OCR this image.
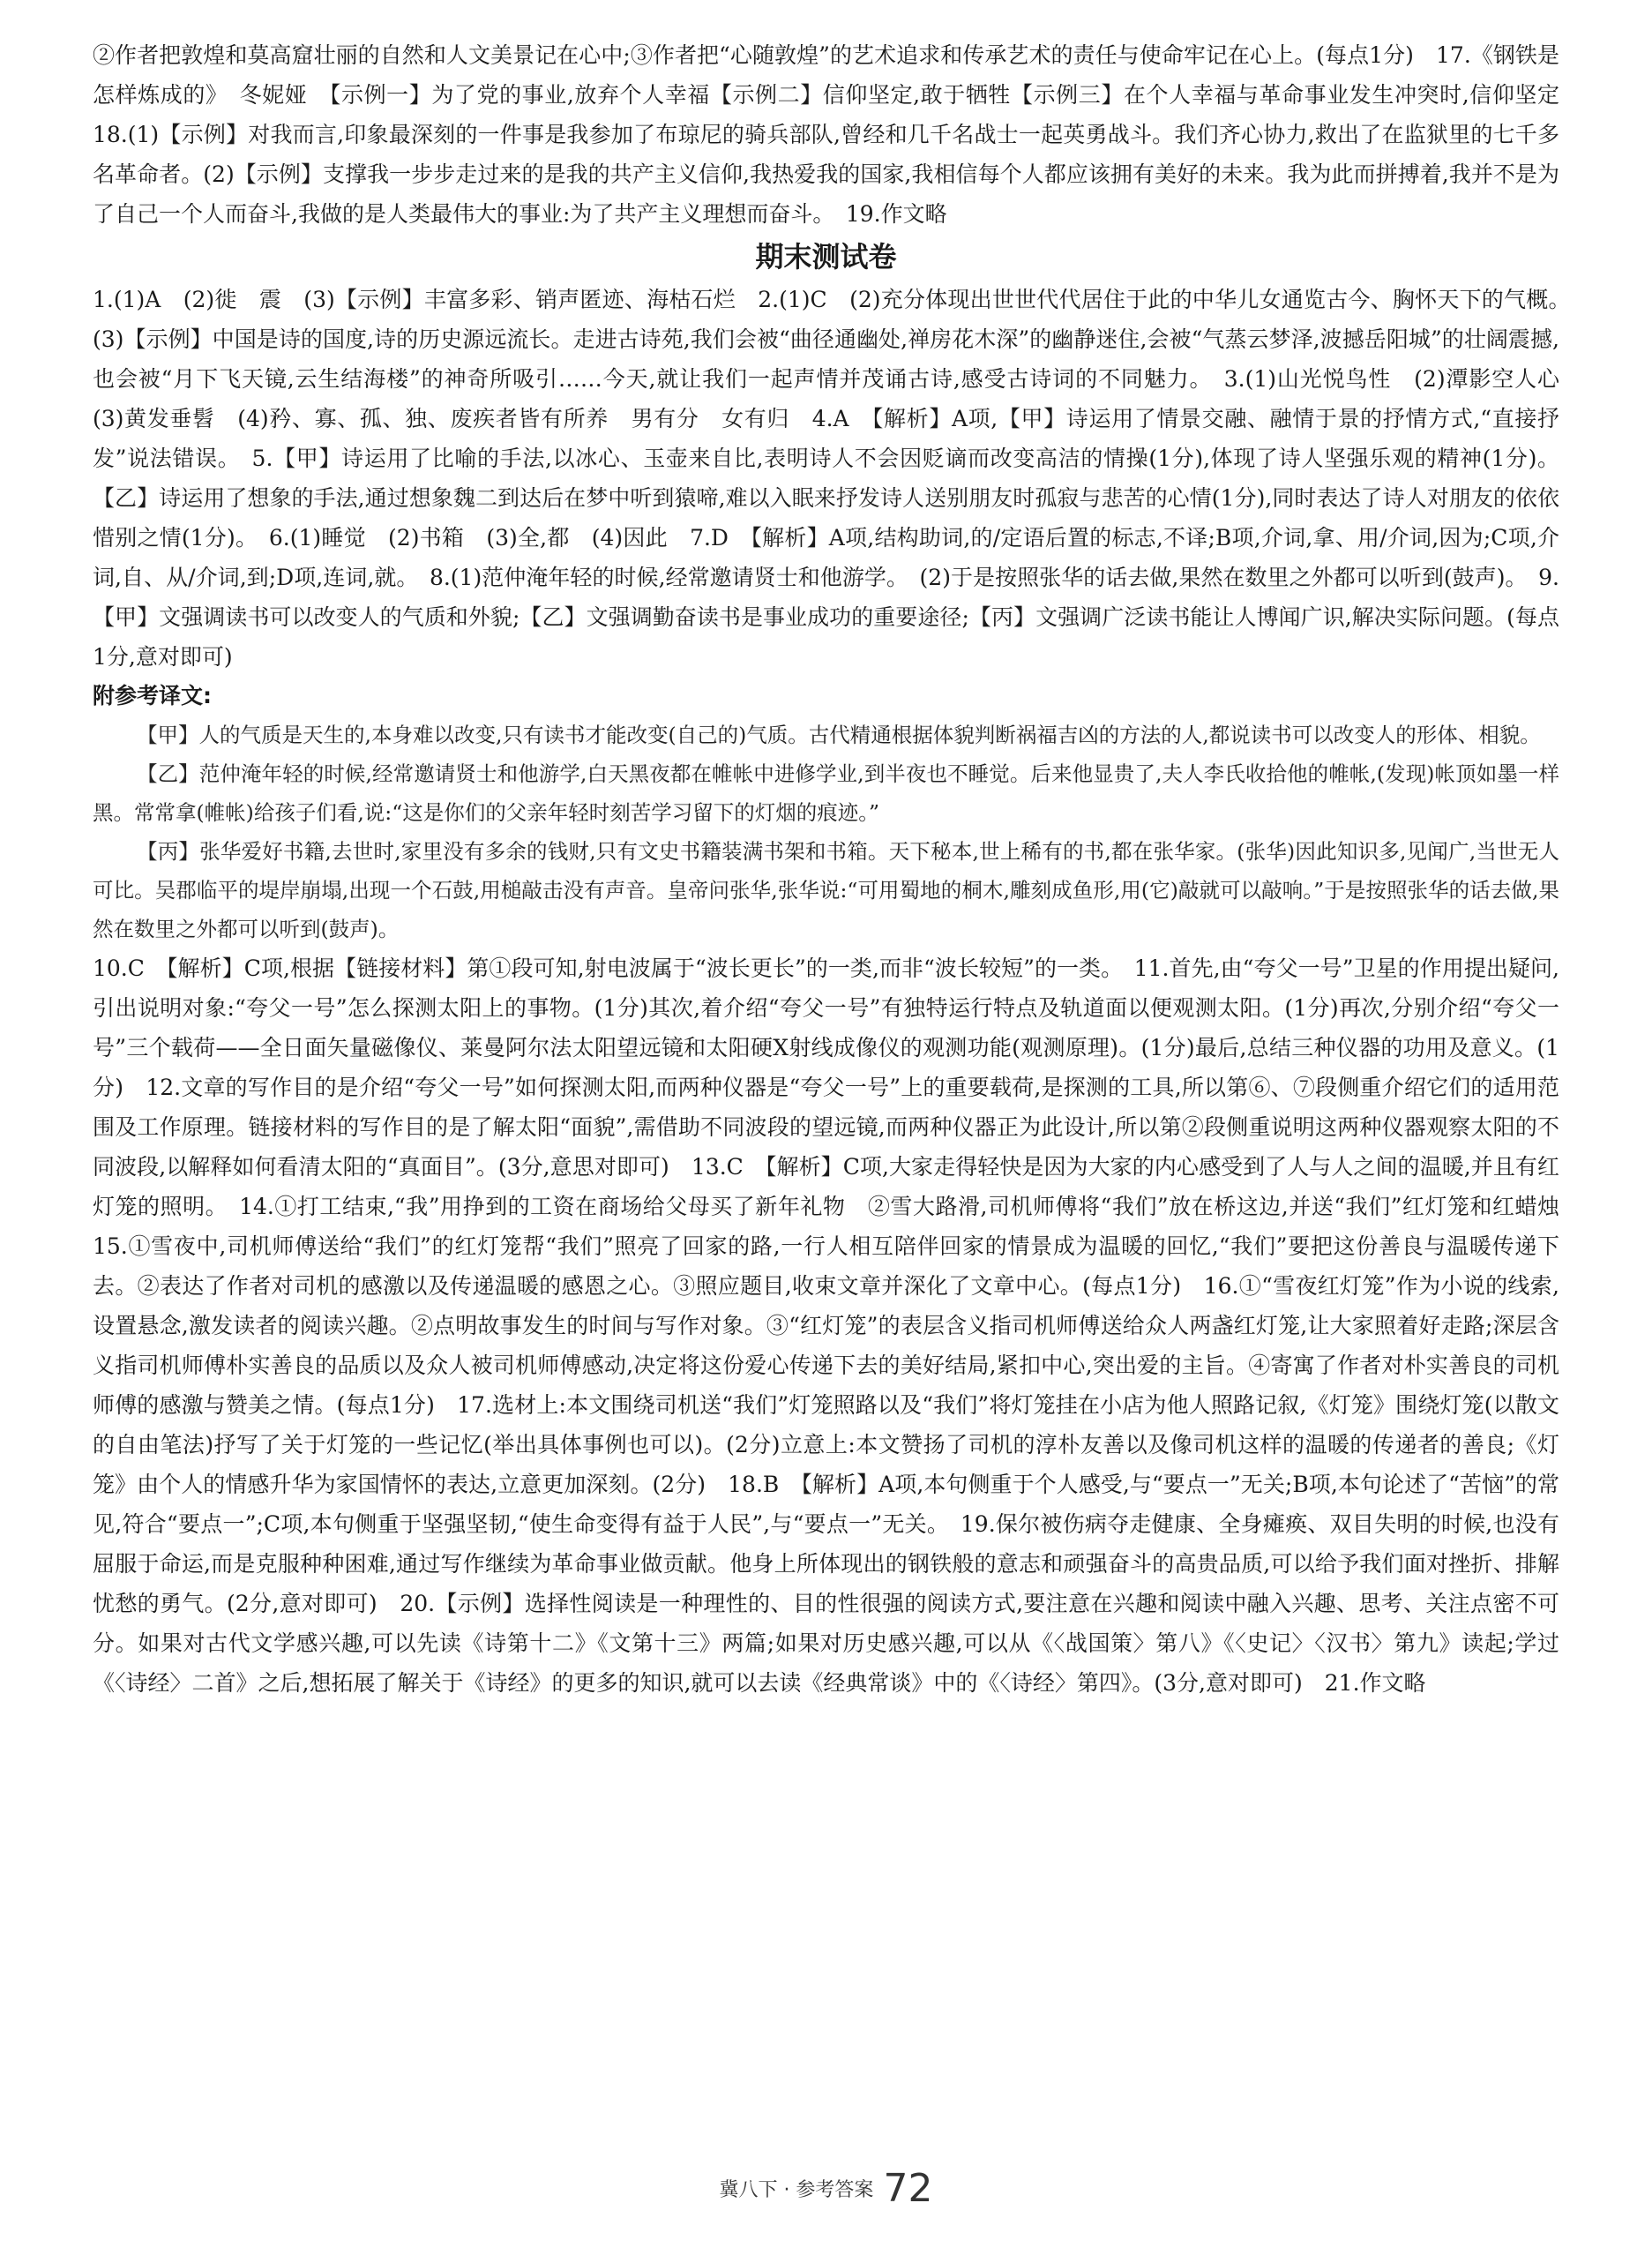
②作者把敦煌和莫高窟壮丽的自然和人文美景记在心中;③作者把“心随敦煌”的艺术追求和传承艺术的责任与使命牢记在心上。(每点1分)　17.《钢铁是怎样炼成的》　冬妮娅　【示例一】为了党的事业,放弃个人幸福【示例二】信仰坚定,敢于牺牲【示例三】在个人幸福与革命事业发生冲突时,信仰坚定　18.(1)【示例】对我而言,印象最深刻的一件事是我参加了布琼尼的骑兵部队,曾经和几千名战士一起英勇战斗。我们齐心协力,救出了在监狱里的七千多名革命者。(2)【示例】支撑我一步步走过来的是我的共产主义信仰,我热爱我的国家,我相信每个人都应该拥有美好的未来。我为此而拼搏着,我并不是为了自己一个人而奋斗,我做的是人类最伟大的事业:为了共产主义理想而奋斗。　19.作文略

期末测试卷

1.(1)A　(2)徙　震　(3)【示例】丰富多彩、销声匿迹、海枯石烂　2.(1)C　(2)充分体现出世世代代居住于此的中华儿女通览古今、胸怀天下的气概。　(3)【示例】中国是诗的国度,诗的历史源远流长。走进古诗苑,我们会被“曲径通幽处,禅房花木深”的幽静迷住,会被“气蒸云梦泽,波撼岳阳城”的壮阔震撼,也会被“月下飞天镜,云生结海楼”的神奇所吸引……今天,就让我们一起声情并茂诵古诗,感受古诗词的不同魅力。　3.(1)山光悦鸟性　(2)潭影空人心　(3)黄发垂髫　(4)矜、寡、孤、独、废疾者皆有所养　男有分　女有归　4.A　【解析】A项,【甲】诗运用了情景交融、融情于景的抒情方式,“直接抒发”说法错误。　5.【甲】诗运用了比喻的手法,以冰心、玉壶来自比,表明诗人不会因贬谪而改变高洁的情操(1分),体现了诗人坚强乐观的精神(1分)。【乙】诗运用了想象的手法,通过想象魏二到达后在梦中听到猿啼,难以入眠来抒发诗人送别朋友时孤寂与悲苦的心情(1分),同时表达了诗人对朋友的依依惜别之情(1分)。　6.(1)睡觉　(2)书箱　(3)全,都　(4)因此　7.D　【解析】A项,结构助词,的/定语后置的标志,不译;B项,介词,拿、用/介词,因为;C项,介词,自、从/介词,到;D项,连词,就。　8.(1)范仲淹年轻的时候,经常邀请贤士和他游学。　(2)于是按照张华的话去做,果然在数里之外都可以听到(鼓声)。　9.【甲】文强调读书可以改变人的气质和外貌;【乙】文强调勤奋读书是事业成功的重要途径;【丙】文强调广泛读书能让人博闻广识,解决实际问题。(每点1分,意对即可)

附参考译文:

【甲】人的气质是天生的,本身难以改变,只有读书才能改变(自己的)气质。古代精通根据体貌判断祸福吉凶的方法的人,都说读书可以改变人的形体、相貌。

【乙】范仲淹年轻的时候,经常邀请贤士和他游学,白天黑夜都在帷帐中进修学业,到半夜也不睡觉。后来他显贵了,夫人李氏收拾他的帷帐,(发现)帐顶如墨一样黑。常常拿(帷帐)给孩子们看,说:“这是你们的父亲年轻时刻苦学习留下的灯烟的痕迹。”

【丙】张华爱好书籍,去世时,家里没有多余的钱财,只有文史书籍装满书架和书箱。天下秘本,世上稀有的书,都在张华家。(张华)因此知识多,见闻广,当世无人可比。吴郡临平的堤岸崩塌,出现一个石鼓,用槌敲击没有声音。皇帝问张华,张华说:“可用蜀地的桐木,雕刻成鱼形,用(它)敲就可以敲响。”于是按照张华的话去做,果然在数里之外都可以听到(鼓声)。

10.C　【解析】C项,根据【链接材料】第①段可知,射电波属于“波长更长”的一类,而非“波长较短”的一类。　11.首先,由“夸父一号”卫星的作用提出疑问,引出说明对象:“夸父一号”怎么探测太阳上的事物。(1分)其次,着介绍“夸父一号”有独特运行特点及轨道面以便观测太阳。(1分)再次,分别介绍“夸父一号”三个载荷——全日面矢量磁像仪、莱曼阿尔法太阳望远镜和太阳硬X射线成像仪的观测功能(观测原理)。(1分)最后,总结三种仪器的功用及意义。(1分)　12.文章的写作目的是介绍“夸父一号”如何探测太阳,而两种仪器是“夸父一号”上的重要载荷,是探测的工具,所以第⑥、⑦段侧重介绍它们的适用范围及工作原理。链接材料的写作目的是了解太阳“面貌”,需借助不同波段的望远镜,而两种仪器正为此设计,所以第②段侧重说明这两种仪器观察太阳的不同波段,以解释如何看清太阳的“真面目”。(3分,意思对即可)　13.C　【解析】C项,大家走得轻快是因为大家的内心感受到了人与人之间的温暖,并且有红灯笼的照明。　14.①打工结束,“我”用挣到的工资在商场给父母买了新年礼物　②雪大路滑,司机师傅将“我们”放在桥这边,并送“我们”红灯笼和红蜡烛　15.①雪夜中,司机师傅送给“我们”的红灯笼帮“我们”照亮了回家的路,一行人相互陪伴回家的情景成为温暖的回忆,“我们”要把这份善良与温暖传递下去。②表达了作者对司机的感激以及传递温暖的感恩之心。③照应题目,收束文章并深化了文章中心。(每点1分)　16.①“雪夜红灯笼”作为小说的线索,设置悬念,激发读者的阅读兴趣。②点明故事发生的时间与写作对象。③“红灯笼”的表层含义指司机师傅送给众人两盏红灯笼,让大家照着好走路;深层含义指司机师傅朴实善良的品质以及众人被司机师傅感动,决定将这份爱心传递下去的美好结局,紧扣中心,突出爱的主旨。④寄寓了作者对朴实善良的司机师傅的感激与赞美之情。(每点1分)　17.选材上:本文围绕司机送“我们”灯笼照路以及“我们”将灯笼挂在小店为他人照路记叙,《灯笼》围绕灯笼(以散文的自由笔法)抒写了关于灯笼的一些记忆(举出具体事例也可以)。(2分)立意上:本文赞扬了司机的淳朴友善以及像司机这样的温暖的传递者的善良;《灯笼》由个人的情感升华为家国情怀的表达,立意更加深刻。(2分)　18.B　【解析】A项,本句侧重于个人感受,与“要点一”无关;B项,本句论述了“苦恼”的常见,符合“要点一”;C项,本句侧重于坚强坚韧,“使生命变得有益于人民”,与“要点一”无关。　19.保尔被伤病夺走健康、全身瘫痪、双目失明的时候,也没有屈服于命运,而是克服种种困难,通过写作继续为革命事业做贡献。他身上所体现出的钢铁般的意志和顽强奋斗的高贵品质,可以给予我们面对挫折、排解忧愁的勇气。(2分,意对即可)　20.【示例】选择性阅读是一种理性的、目的性很强的阅读方式,要注意在兴趣和阅读中融入兴趣、思考、关注点密不可分。如果对古代文学感兴趣,可以先读《诗第十二》《文第十三》两篇;如果对历史感兴趣,可以从《〈战国策〉第八》《〈史记〉〈汉书〉第九》读起;学过《〈诗经〉二首》之后,想拓展了解关于《诗经》的更多的知识,就可以去读《经典常谈》中的《〈诗经〉第四》。(3分,意对即可)　21.作文略

冀八下 · 参考答案 72
